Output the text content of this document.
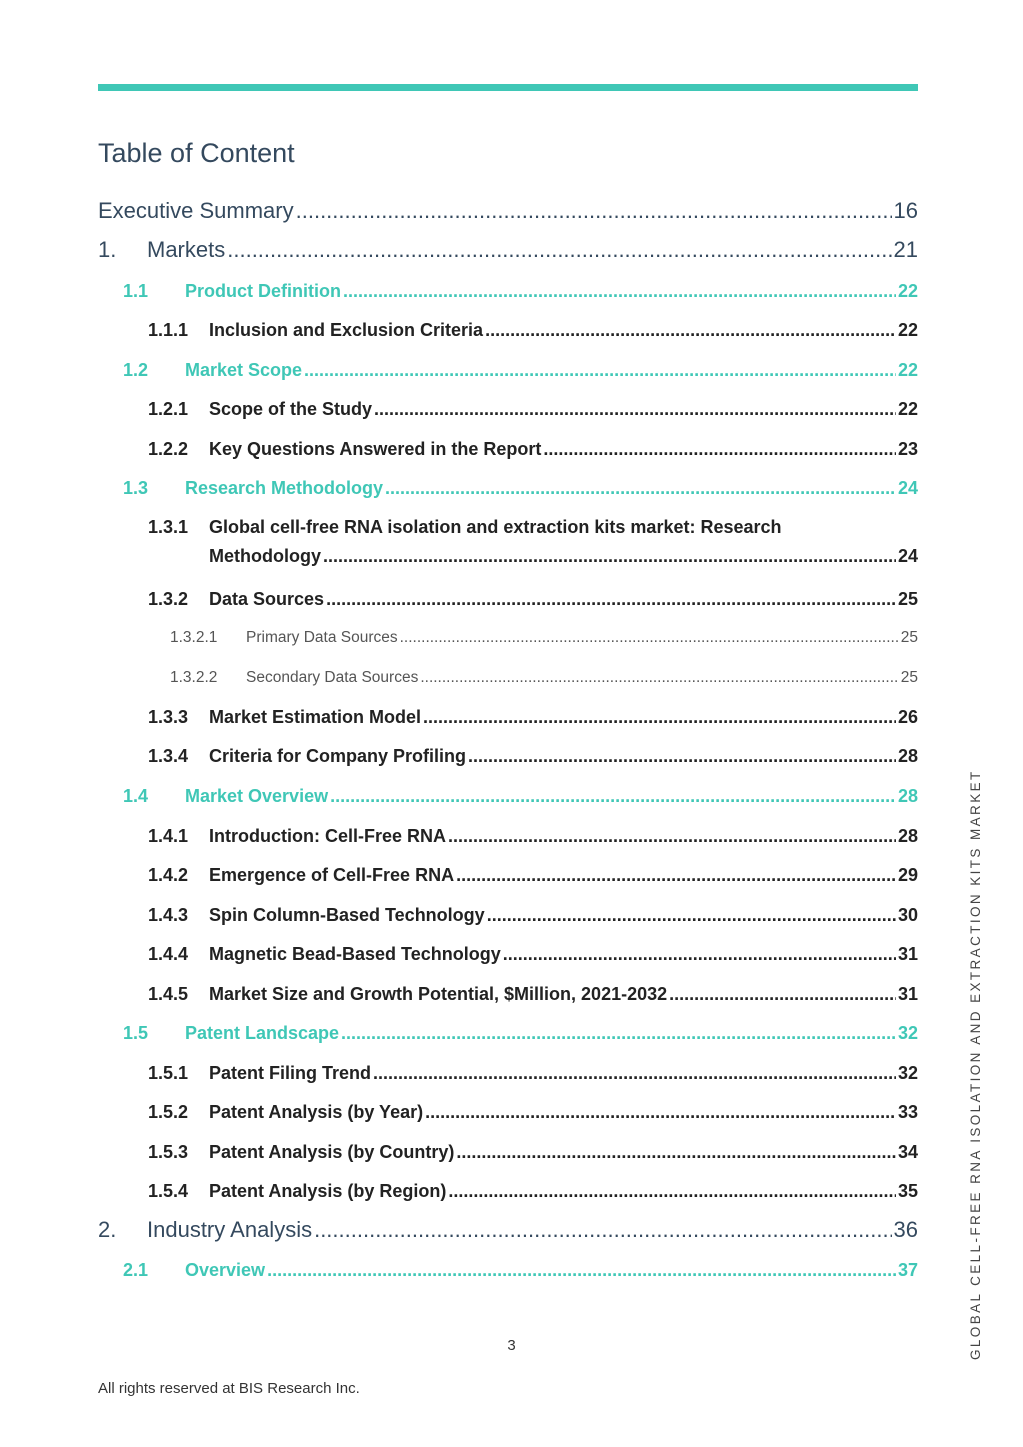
Table of Content
Executive Summary .....	16
1.	Markets .....	21
1.1	Product Definition .....	22
1.1.1	Inclusion and Exclusion Criteria .....	22
1.2	Market Scope .....	22
1.2.1	Scope of the Study .....	22
1.2.2	Key Questions Answered in the Report .....	23
1.3	Research Methodology .....	24
1.3.1	Global cell-free RNA isolation and extraction kits market: Research
Methodology .....	24
1.3.2	Data Sources .....	25
1.3.2.1	Primary Data Sources .....	25
1.3.2.2	Secondary Data Sources .....	25
1.3.3	Market Estimation Model .....	26
1.3.4	Criteria for Company Profiling .....	28
1.4	Market Overview .....	28
1.4.1	Introduction: Cell-Free RNA .....	28
1.4.2	Emergence of Cell-Free RNA .....	29
1.4.3	Spin Column-Based Technology .....	30
1.4.4	Magnetic Bead-Based Technology .....	31
1.4.5	Market Size and Growth Potential, $Million, 2021-2032 .....	31
1.5	Patent Landscape .....	32
1.5.1	Patent Filing Trend .....	32
1.5.2	Patent Analysis (by Year) .....	33
1.5.3	Patent Analysis (by Country) .....	34
1.5.4	Patent Analysis (by Region) .....	35
2.	Industry Analysis .....	36
2.1	Overview .....	37	GLOBAL CELL-FREE RNA ISOLATION AND EXTRACTION KITS MARKET
3
All rights reserved at BIS Research Inc.
